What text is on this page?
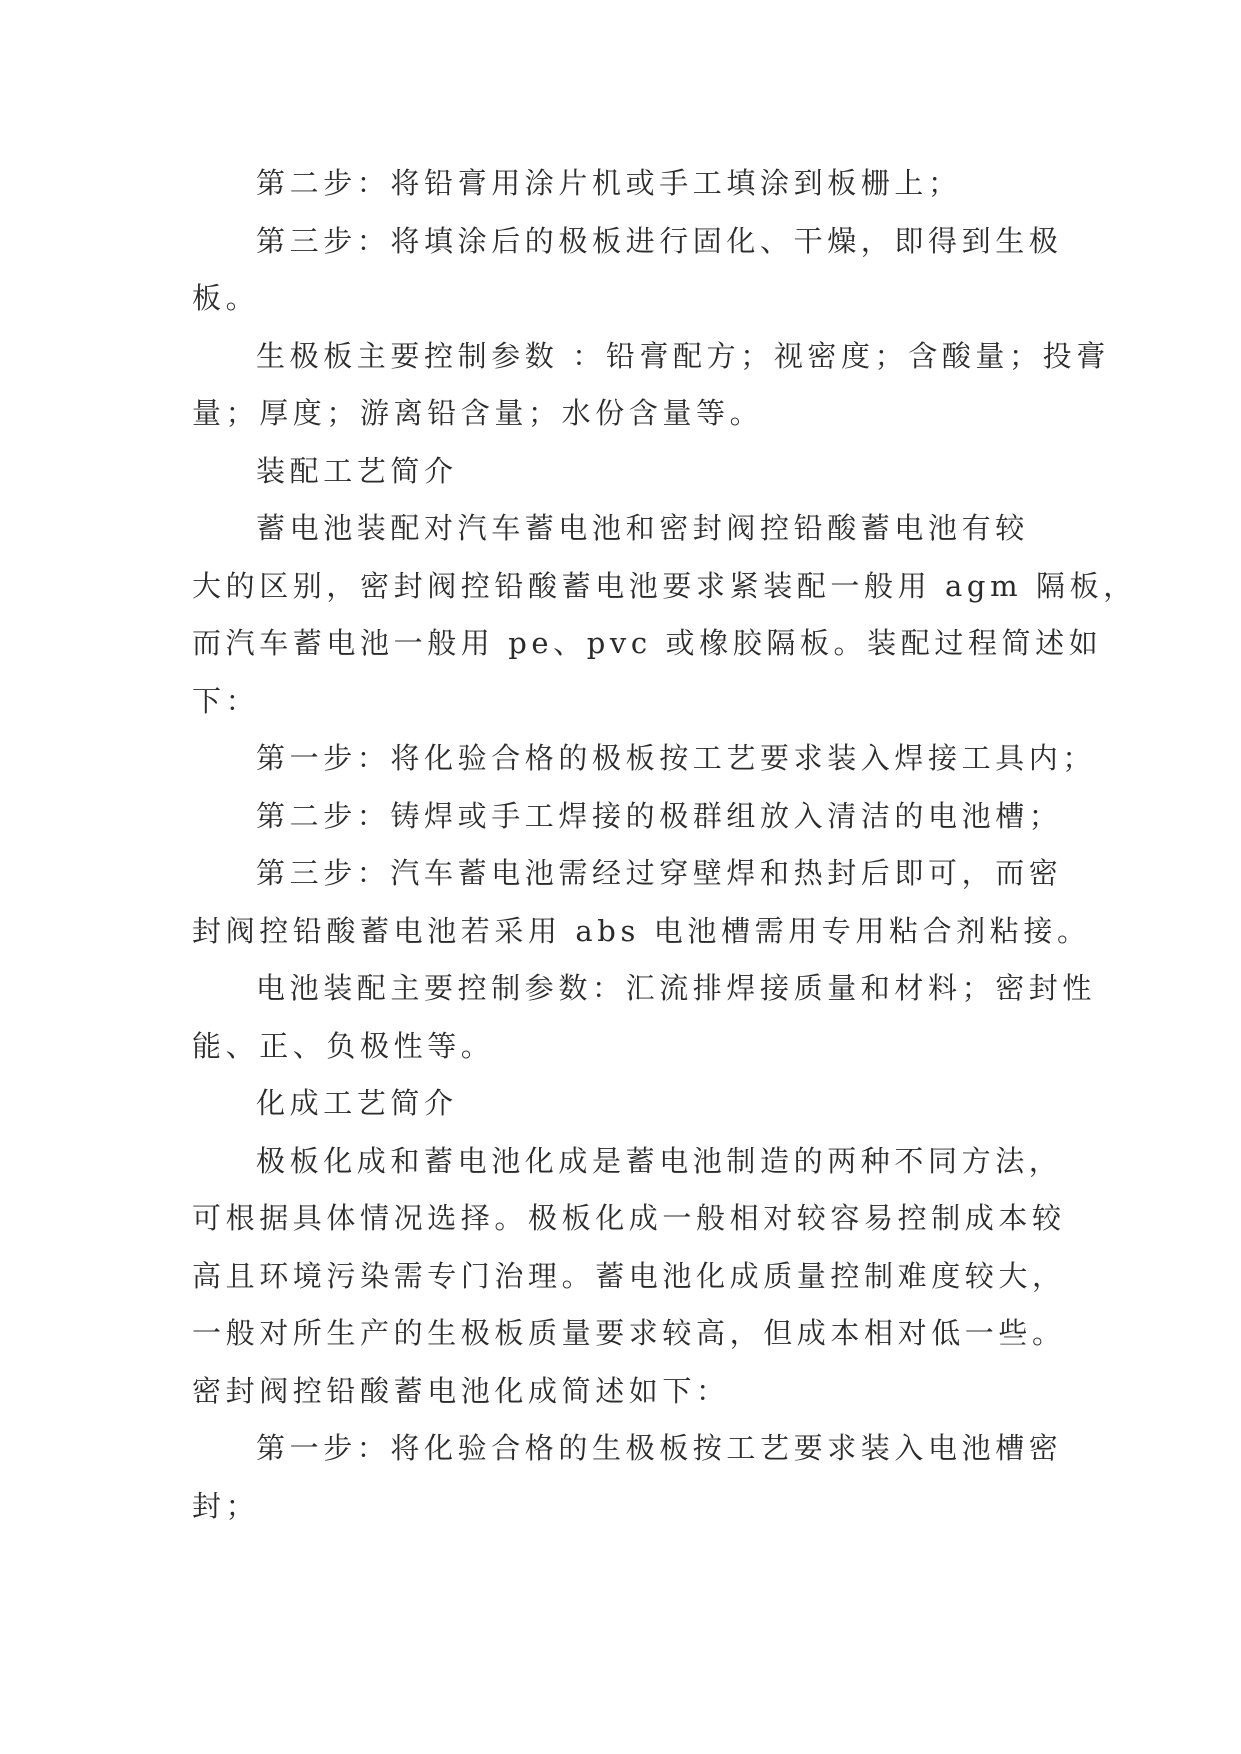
第二步：将铅膏用涂片机或手工填涂到板栅上；
第三步：将填涂后的极板进行固化、干燥，即得到生极
板。
生极板主要控制参数 ：铅膏配方；视密度；含酸量；投膏
量；厚度；游离铅含量；水份含量等。
装配工艺简介
蓄电池装配对汽车蓄电池和密封阀控铅酸蓄电池有较
大的区别，密封阀控铅酸蓄电池要求紧装配一般用 agm 隔板，
而汽车蓄电池一般用 pe、pvc 或橡胶隔板。装配过程简述如
下：
第一步：将化验合格的极板按工艺要求装入焊接工具内；
第二步：铸焊或手工焊接的极群组放入清洁的电池槽；
第三步：汽车蓄电池需经过穿壁焊和热封后即可，而密
封阀控铅酸蓄电池若采用 abs 电池槽需用专用粘合剂粘接。
电池装配主要控制参数：汇流排焊接质量和材料；密封性
能、正、负极性等。
化成工艺简介
极板化成和蓄电池化成是蓄电池制造的两种不同方法，
可根据具体情况选择。极板化成一般相对较容易控制成本较
高且环境污染需专门治理。蓄电池化成质量控制难度较大，
一般对所生产的生极板质量要求较高，但成本相对低一些。
密封阀控铅酸蓄电池化成简述如下：
第一步：将化验合格的生极板按工艺要求装入电池槽密
封；
